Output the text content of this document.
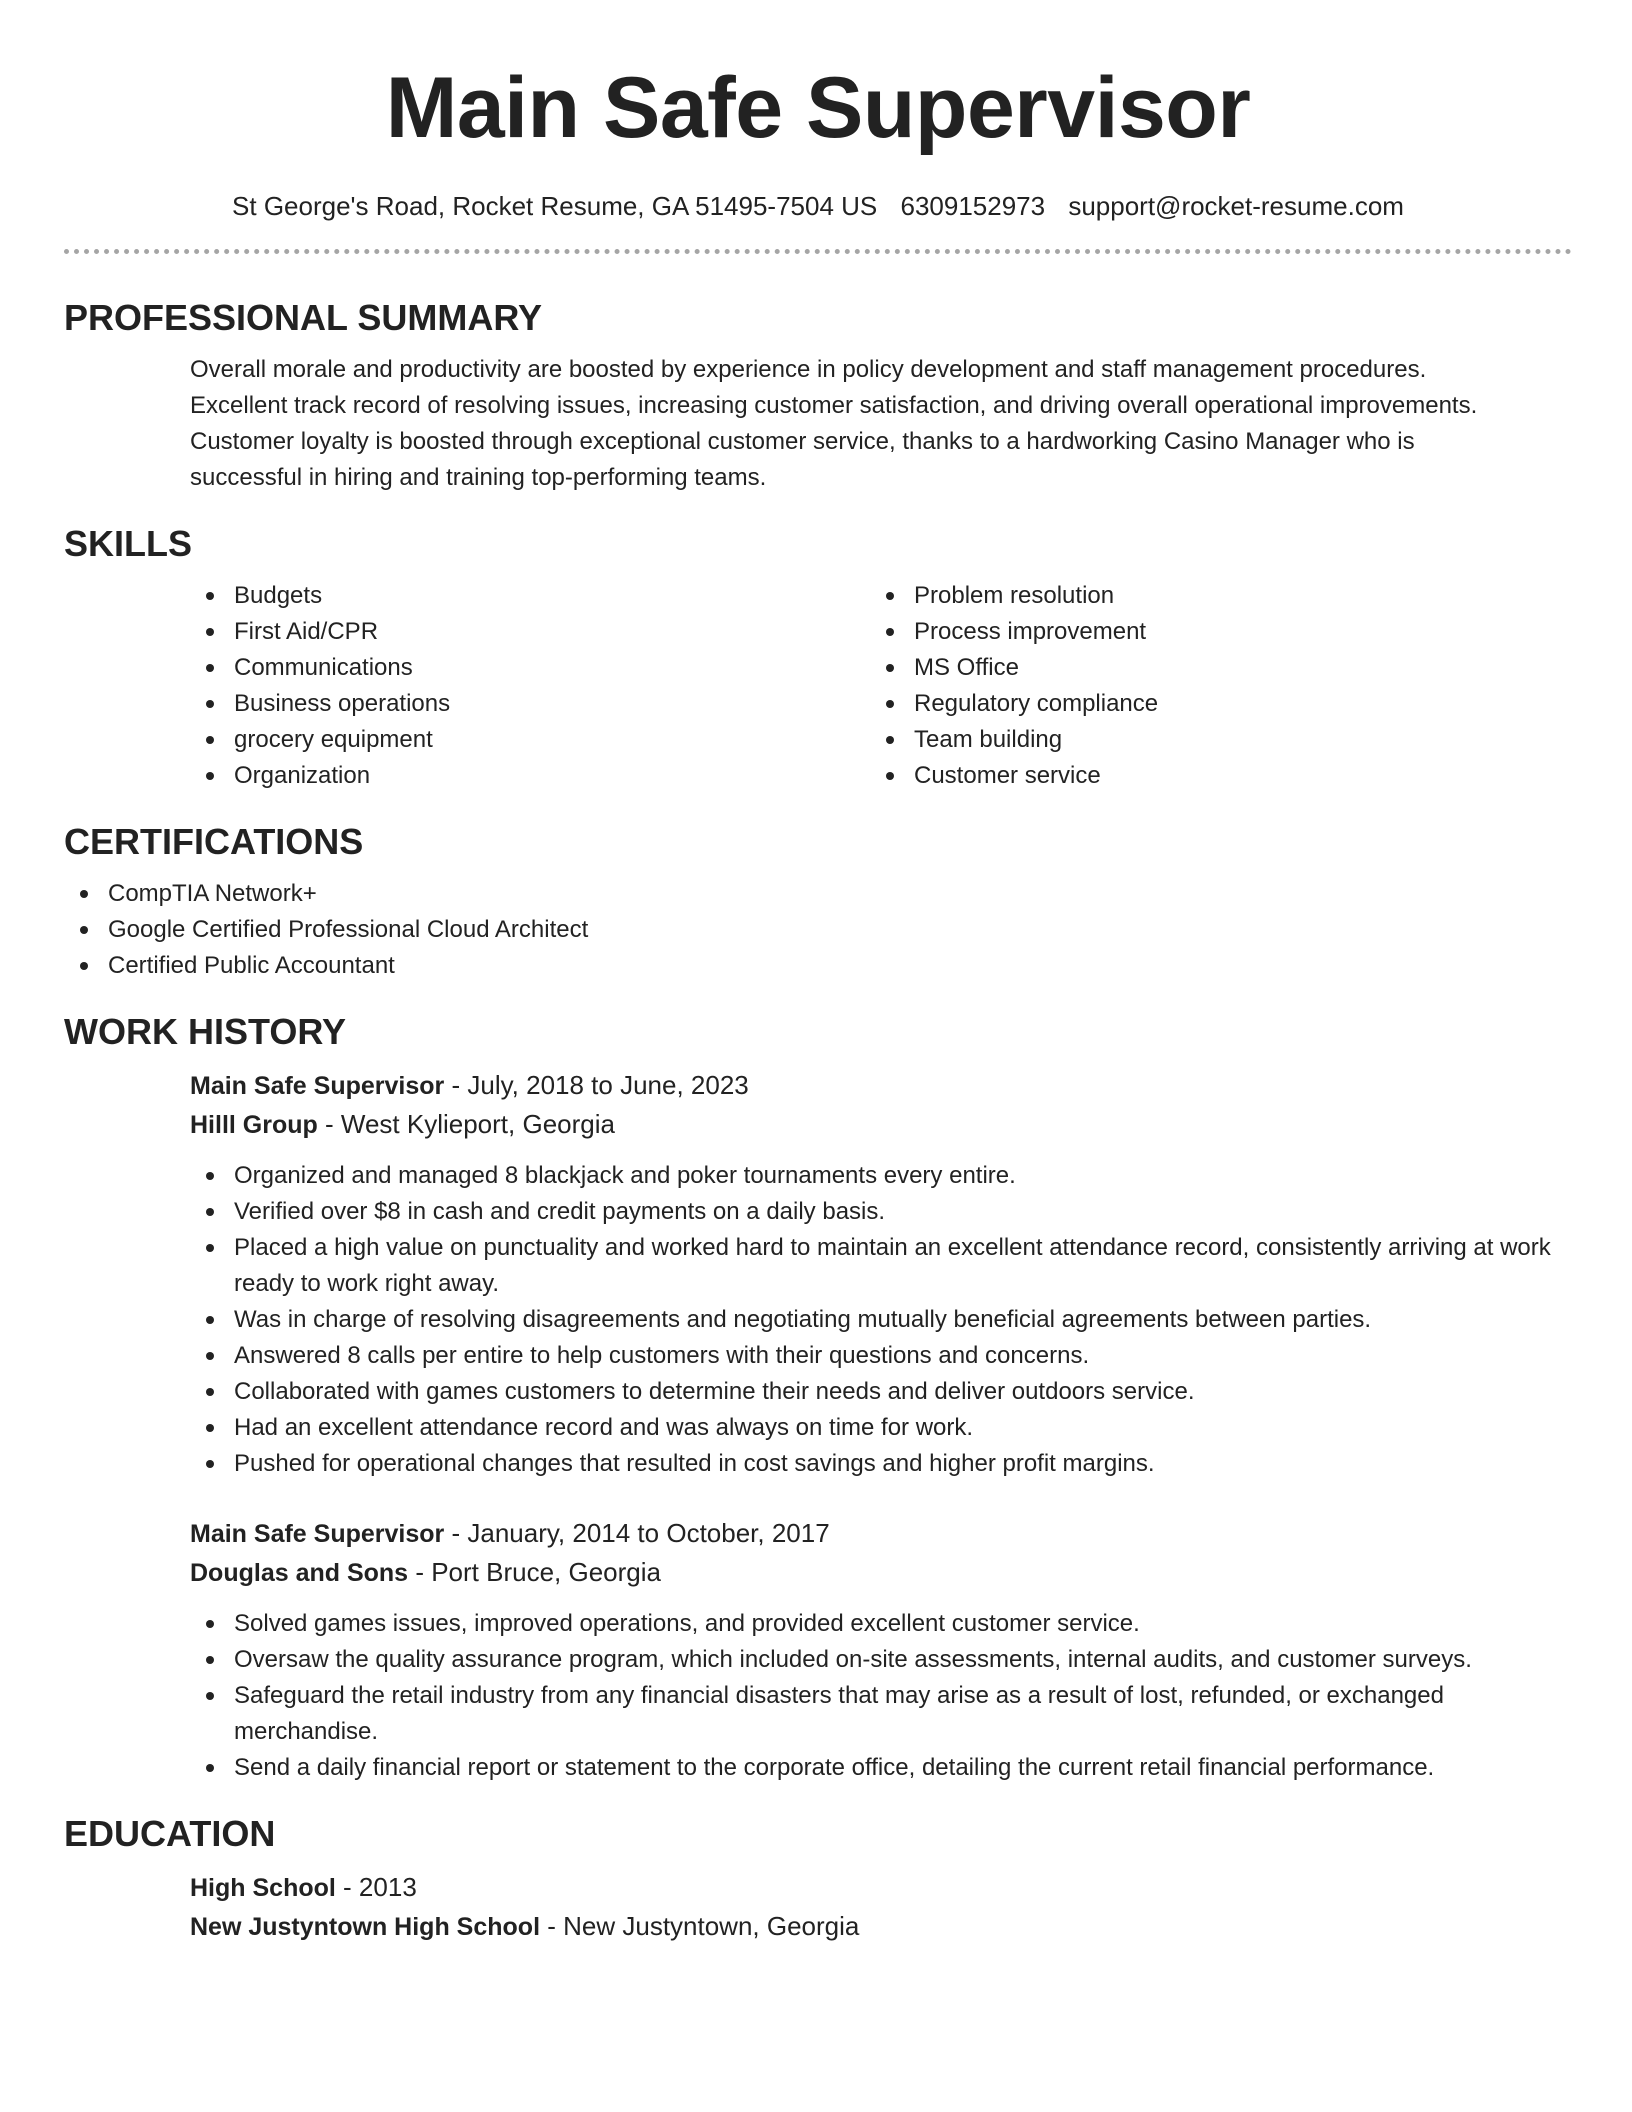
Main Safe Supervisor
St George's Road, Rocket Resume, GA 51495-7504 US 6309152973 support@rocket-resume.com
PROFESSIONAL SUMMARY
Overall morale and productivity are boosted by experience in policy development and staff management procedures.
Excellent track record of resolving issues, increasing customer satisfaction, and driving overall operational improvements.
Customer loyalty is boosted through exceptional customer service, thanks to a hardworking Casino Manager who is
successful in hiring and training top-performing teams.
SKILLS
Budgets
First Aid/CPR
Communications
Business operations
grocery equipment
Organization
Problem resolution
Process improvement
MS Office
Regulatory compliance
Team building
Customer service
CERTIFICATIONS
CompTIA Network+
Google Certified Professional Cloud Architect
Certified Public Accountant
WORK HISTORY
Main Safe Supervisor - July, 2018 to June, 2023
Hilll Group - West Kylieport, Georgia
Organized and managed 8 blackjack and poker tournaments every entire.
Verified over $8 in cash and credit payments on a daily basis.
Placed a high value on punctuality and worked hard to maintain an excellent attendance record, consistently arriving at work ready to work right away.
Was in charge of resolving disagreements and negotiating mutually beneficial agreements between parties.
Answered 8 calls per entire to help customers with their questions and concerns.
Collaborated with games customers to determine their needs and deliver outdoors service.
Had an excellent attendance record and was always on time for work.
Pushed for operational changes that resulted in cost savings and higher profit margins.
Main Safe Supervisor - January, 2014 to October, 2017
Douglas and Sons - Port Bruce, Georgia
Solved games issues, improved operations, and provided excellent customer service.
Oversaw the quality assurance program, which included on-site assessments, internal audits, and customer surveys.
Safeguard the retail industry from any financial disasters that may arise as a result of lost, refunded, or exchanged merchandise.
Send a daily financial report or statement to the corporate office, detailing the current retail financial performance.
EDUCATION
High School - 2013
New Justyntown High School - New Justyntown, Georgia
